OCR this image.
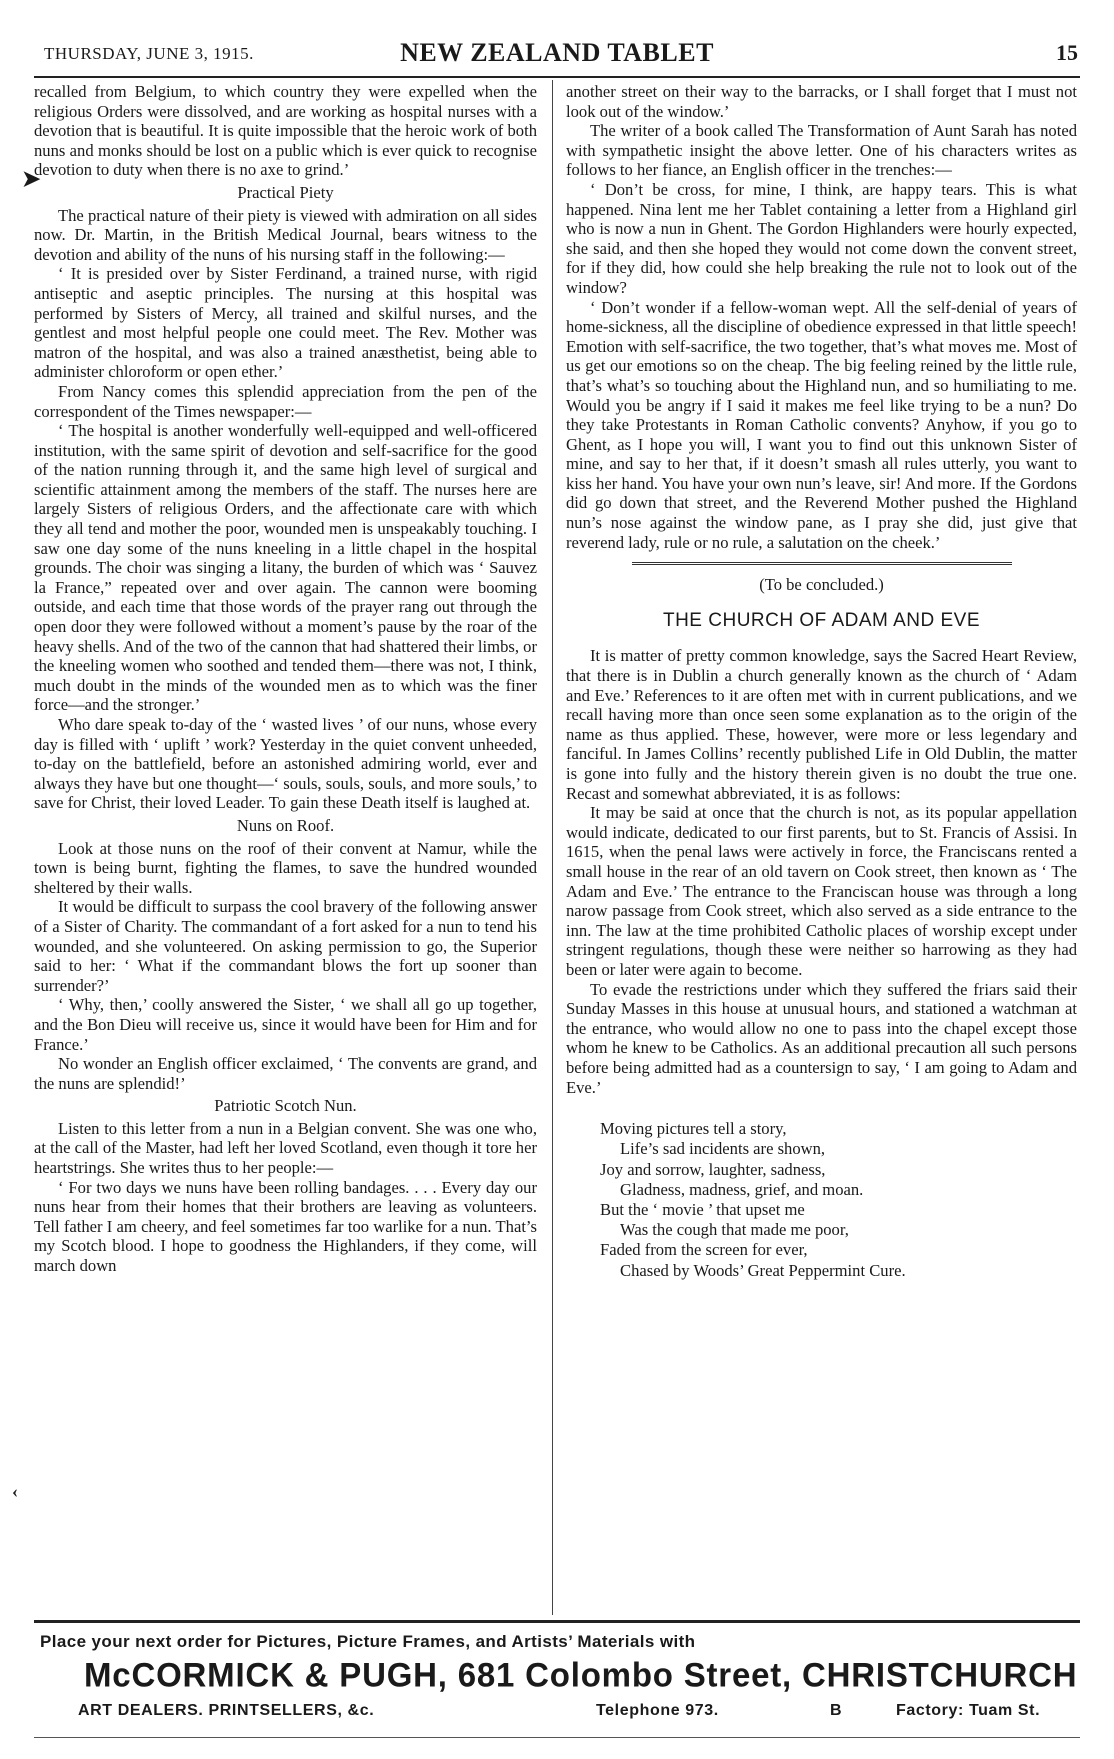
THURSDAY, JUNE 3, 1915.	NEW ZEALAND TABLET	15

recalled from Belgium, to which country they were expelled when the religious Orders were dissolved, and are working as hospital nurses with a devotion that is beautiful. It is quite impossible that the heroic work of both nuns and monks should be lost on a public which is ever quick to recognise devotion to duty when there is no axe to grind.’

Practical Piety

The practical nature of their piety is viewed with admiration on all sides now. Dr. Martin, in the British Medical Journal, bears witness to the devotion and ability of the nuns of his nursing staff in the following:—

‘ It is presided over by Sister Ferdinand, a trained nurse, with rigid antiseptic and aseptic principles. The nursing at this hospital was performed by Sisters of Mercy, all trained and skilful nurses, and the gentlest and most helpful people one could meet. The Rev. Mother was matron of the hospital, and was also a trained anæsthetist, being able to administer chloroform or open ether.’

From Nancy comes this splendid appreciation from the pen of the correspondent of the Times newspaper:—

‘ The hospital is another wonderfully well-equipped and well-officered institution, with the same spirit of devotion and self-sacrifice for the good of the nation running through it, and the same high level of surgical and scientific attainment among the members of the staff. The nurses here are largely Sisters of religious Orders, and the affectionate care with which they all tend and mother the poor, wounded men is unspeakably touching. I saw one day some of the nuns kneeling in a little chapel in the hospital grounds. The choir was singing a litany, the burden of which was ‘ Sauvez la France,” repeated over and over again. The cannon were booming outside, and each time that those words of the prayer rang out through the open door they were followed without a moment’s pause by the roar of the heavy shells. And of the two of the cannon that had shattered their limbs, or the kneeling women who soothed and tended them—there was not, I think, much doubt in the minds of the wounded men as to which was the finer force—and the stronger.’

Who dare speak to-day of the ‘ wasted lives ’ of our nuns, whose every day is filled with ‘ uplift ’ work? Yesterday in the quiet convent unheeded, to-day on the battlefield, before an astonished admiring world, ever and always they have but one thought—‘ souls, souls, souls, and more souls,’ to save for Christ, their loved Leader. To gain these Death itself is laughed at.

Nuns on Roof.

Look at those nuns on the roof of their convent at Namur, while the town is being burnt, fighting the flames, to save the hundred wounded sheltered by their walls.

It would be difficult to surpass the cool bravery of the following answer of a Sister of Charity. The commandant of a fort asked for a nun to tend his wounded, and she volunteered. On asking permission to go, the Superior said to her: ‘ What if the commandant blows the fort up sooner than surrender?’

‘ Why, then,’ coolly answered the Sister, ‘ we shall all go up together, and the Bon Dieu will receive us, since it would have been for Him and for France.’

No wonder an English officer exclaimed, ‘ The convents are grand, and the nuns are splendid!’

Patriotic Scotch Nun.

Listen to this letter from a nun in a Belgian convent. She was one who, at the call of the Master, had left her loved Scotland, even though it tore her heartstrings. She writes thus to her people:—

‘ For two days we nuns have been rolling bandages. . . . Every day our nuns hear from their homes that their brothers are leaving as volunteers. Tell father I am cheery, and feel sometimes far too warlike for a nun. That’s my Scotch blood. I hope to goodness the Highlanders, if they come, will march down

another street on their way to the barracks, or I shall forget that I must not look out of the window.’

The writer of a book called The Transformation of Aunt Sarah has noted with sympathetic insight the above letter. One of his characters writes as follows to her fiance, an English officer in the trenches:—

‘ Don’t be cross, for mine, I think, are happy tears. This is what happened. Nina lent me her Tablet containing a letter from a Highland girl who is now a nun in Ghent. The Gordon Highlanders were hourly expected, she said, and then she hoped they would not come down the convent street, for if they did, how could she help breaking the rule not to look out of the window?

‘ Don’t wonder if a fellow-woman wept. All the self-denial of years of home-sickness, all the discipline of obedience expressed in that little speech! Emotion with self-sacrifice, the two together, that’s what moves me. Most of us get our emotions so on the cheap. The big feeling reined by the little rule, that’s what’s so touching about the Highland nun, and so humiliating to me. Would you be angry if I said it makes me feel like trying to be a nun? Do they take Protestants in Roman Catholic convents? Anyhow, if you go to Ghent, as I hope you will, I want you to find out this unknown Sister of mine, and say to her that, if it doesn’t smash all rules utterly, you want to kiss her hand. You have your own nun’s leave, sir! And more. If the Gordons did go down that street, and the Reverend Mother pushed the Highland nun’s nose against the window pane, as I pray she did, just give that reverend lady, rule or no rule, a salutation on the cheek.’

(To be concluded.)
THE CHURCH OF ADAM AND EVE

It is matter of pretty common knowledge, says the Sacred Heart Review, that there is in Dublin a church generally known as the church of ‘ Adam and Eve.’ References to it are often met with in current publications, and we recall having more than once seen some explanation as to the origin of the name as thus applied. These, however, were more or less legendary and fanciful. In James Collins’ recently published Life in Old Dublin, the matter is gone into fully and the history therein given is no doubt the true one. Recast and somewhat abbreviated, it is as follows:

It may be said at once that the church is not, as its popular appellation would indicate, dedicated to our first parents, but to St. Francis of Assisi. In 1615, when the penal laws were actively in force, the Franciscans rented a small house in the rear of an old tavern on Cook street, then known as ‘ The Adam and Eve.’ The entrance to the Franciscan house was through a long narow passage from Cook street, which also served as a side entrance to the inn. The law at the time prohibited Catholic places of worship except under stringent regulations, though these were neither so harrowing as they had been or later were again to become.

To evade the restrictions under which they suffered the friars said their Sunday Masses in this house at unusual hours, and stationed a watchman at the entrance, who would allow no one to pass into the chapel except those whom he knew to be Catholics. As an additional precaution all such persons before being admitted had as a countersign to say, ‘ I am going to Adam and Eve.’

Moving pictures tell a story,
Life’s sad incidents are shown,
Joy and sorrow, laughter, sadness,
Gladness, madness, grief, and moan.
But the ‘ movie ’ that upset me
Was the cough that made me poor,
Faded from the screen for ever,
Chased by Woods’ Great Peppermint Cure.
➤
‹
Place your next order for Pictures, Picture Frames, and Artists’ Materials with
McCORMICK & PUGH, 681 Colombo Street, CHRISTCHURCH
ART DEALERS. PRINTSELLERS, &c.	Telephone 973.	B	Factory: Tuam St.
